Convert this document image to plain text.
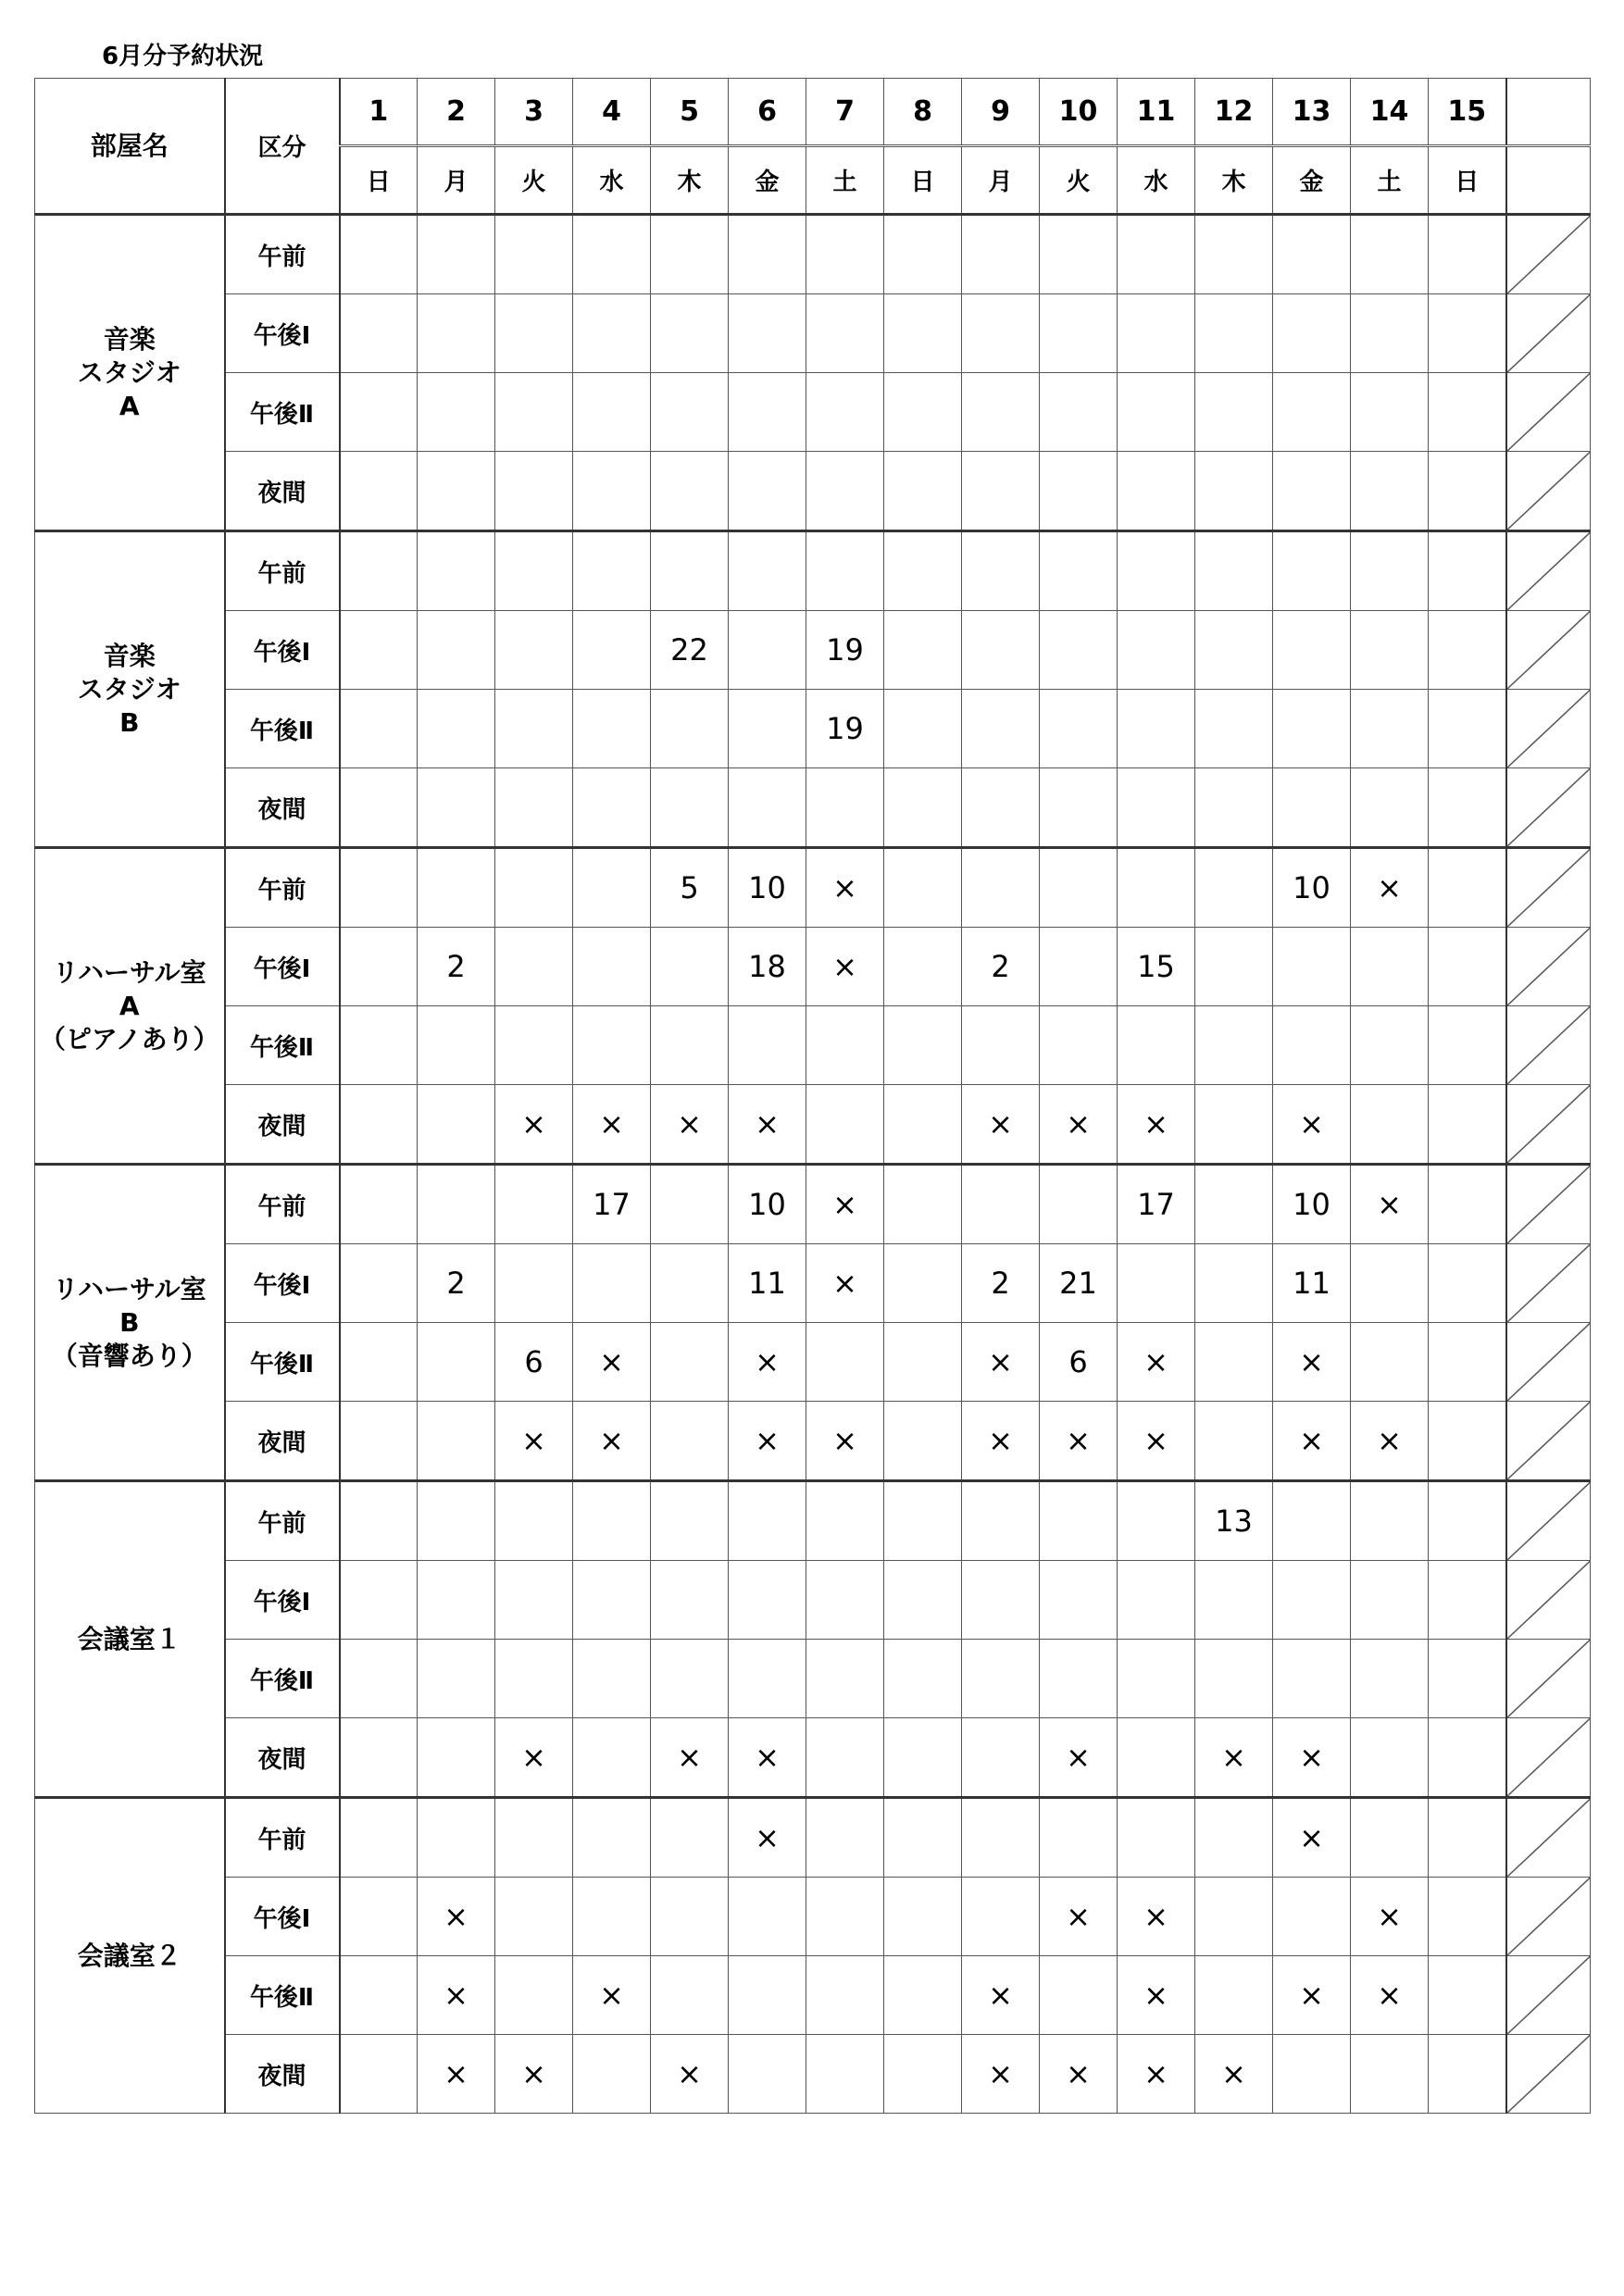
6月分予約状況
部屋名	区分	1	2	3	4	5	6	7	8	9	10	11	12	13	14	15	
		日	月	火	水	木	金	土	日	月	火	水	木	金	土	日	

音楽
スタジオ
A	午前																

	午後Ⅰ																

	午後Ⅱ																

	夜間																

音楽
スタジオ
B	午前																

	午後Ⅰ					22		19									

	午後Ⅱ							19									

	夜間																

リハーサル室
A
（ピアノあり）	午前					5	10	×						10	×		

	午後Ⅰ		2				18	×		2		15					

	午後Ⅱ																

	夜間			×	×	×	×			×	×	×		×			

リハーサル室
B
（音響あり）	午前				17		10	×				17		10	×		

	午後Ⅰ		2				11	×		2	21			11			

	午後Ⅱ			6	×		×			×	6	×		×			

	夜間			×	×		×	×		×	×	×		×	×		

会議室１	午前												13				

	午後Ⅰ																

	午後Ⅱ																

	夜間			×		×	×				×		×	×			

会議室２	午前						×							×			

	午後Ⅰ		×								×	×			×		

	午後Ⅱ		×		×					×		×		×	×		

	夜間		×	×		×				×	×	×	×				
